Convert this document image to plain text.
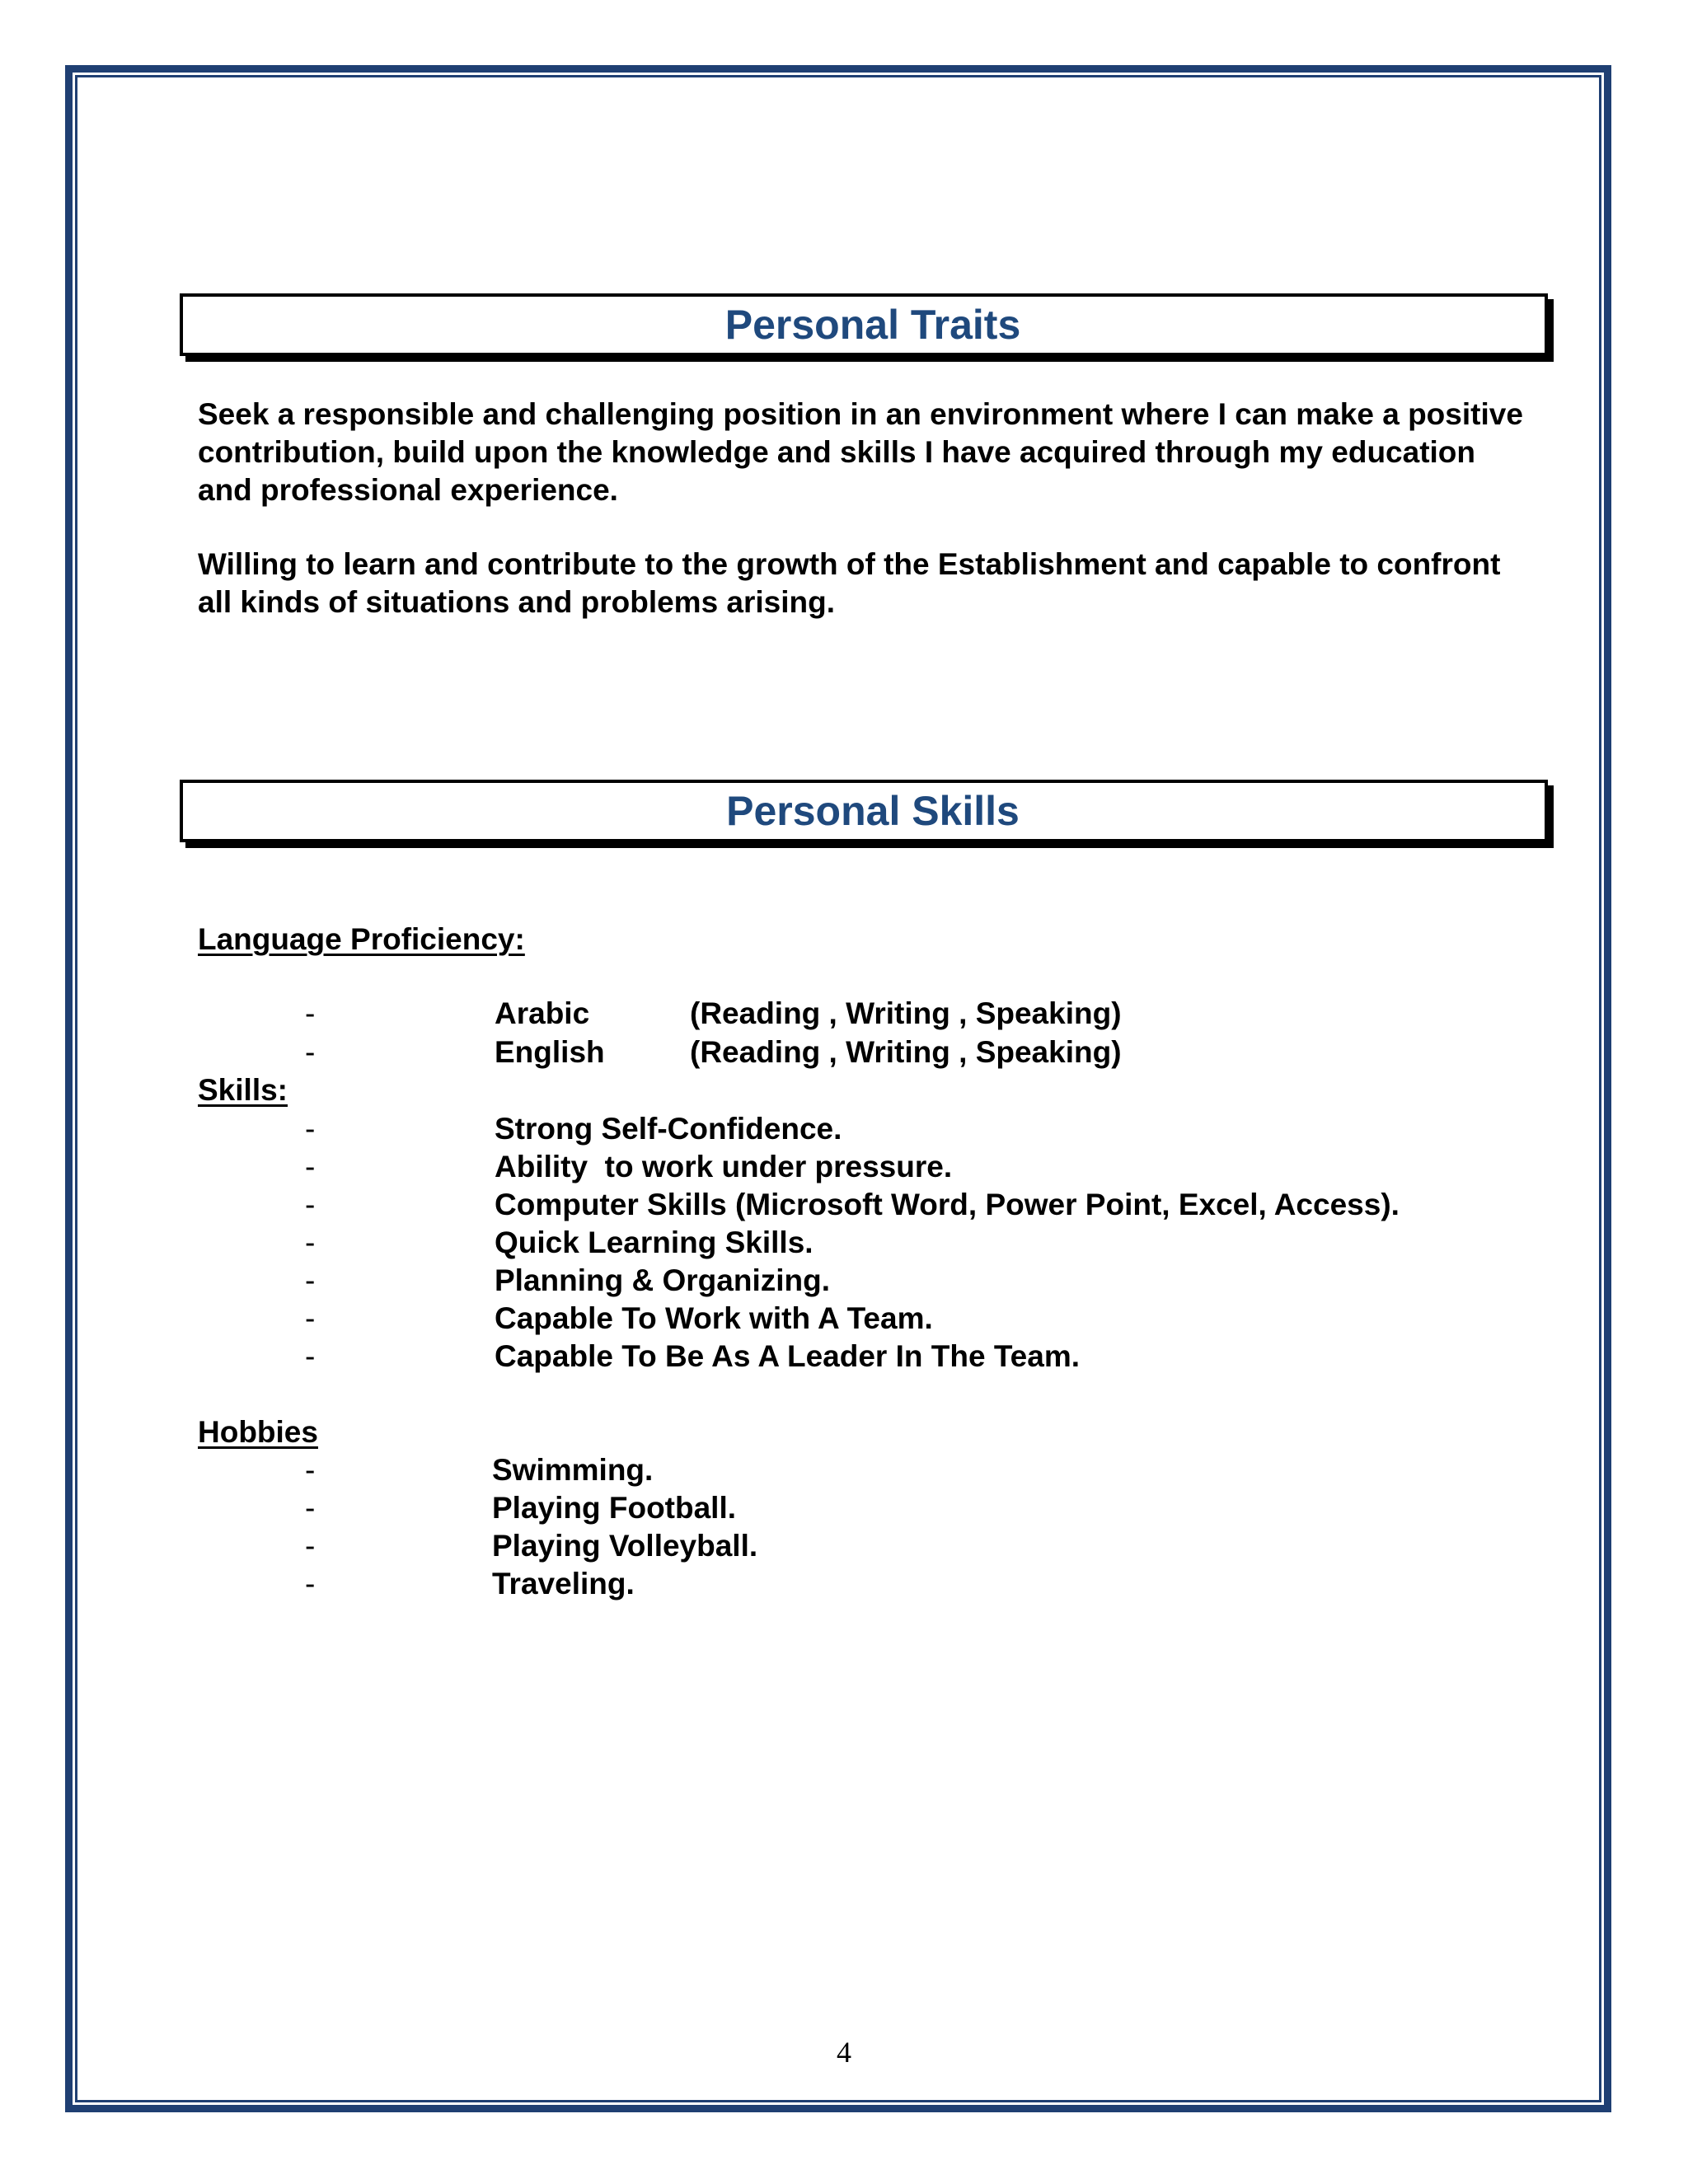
Personal Traits

Seek a responsible and challenging position in an environment where I can make a positive contribution, build upon the knowledge and skills I have acquired through my education and professional experience.

Willing to learn and contribute to the growth of the Establishment and capable to confront all kinds of situations and problems arising.

Personal Skills

Language Proficiency:

-	Arabic	(Reading , Writing , Speaking)
-	English	(Reading , Writing , Speaking)

Skills:

-	Strong Self-Confidence.
-	Ability  to work under pressure.
-	Computer Skills (Microsoft Word, Power Point, Excel, Access).
-	Quick Learning Skills.
-	Planning & Organizing.
-	Capable To Work with A Team.
-	Capable To Be As A Leader In The Team.

Hobbies

-	Swimming.
-	Playing Football.
-	Playing Volleyball.
-	Traveling.
4
